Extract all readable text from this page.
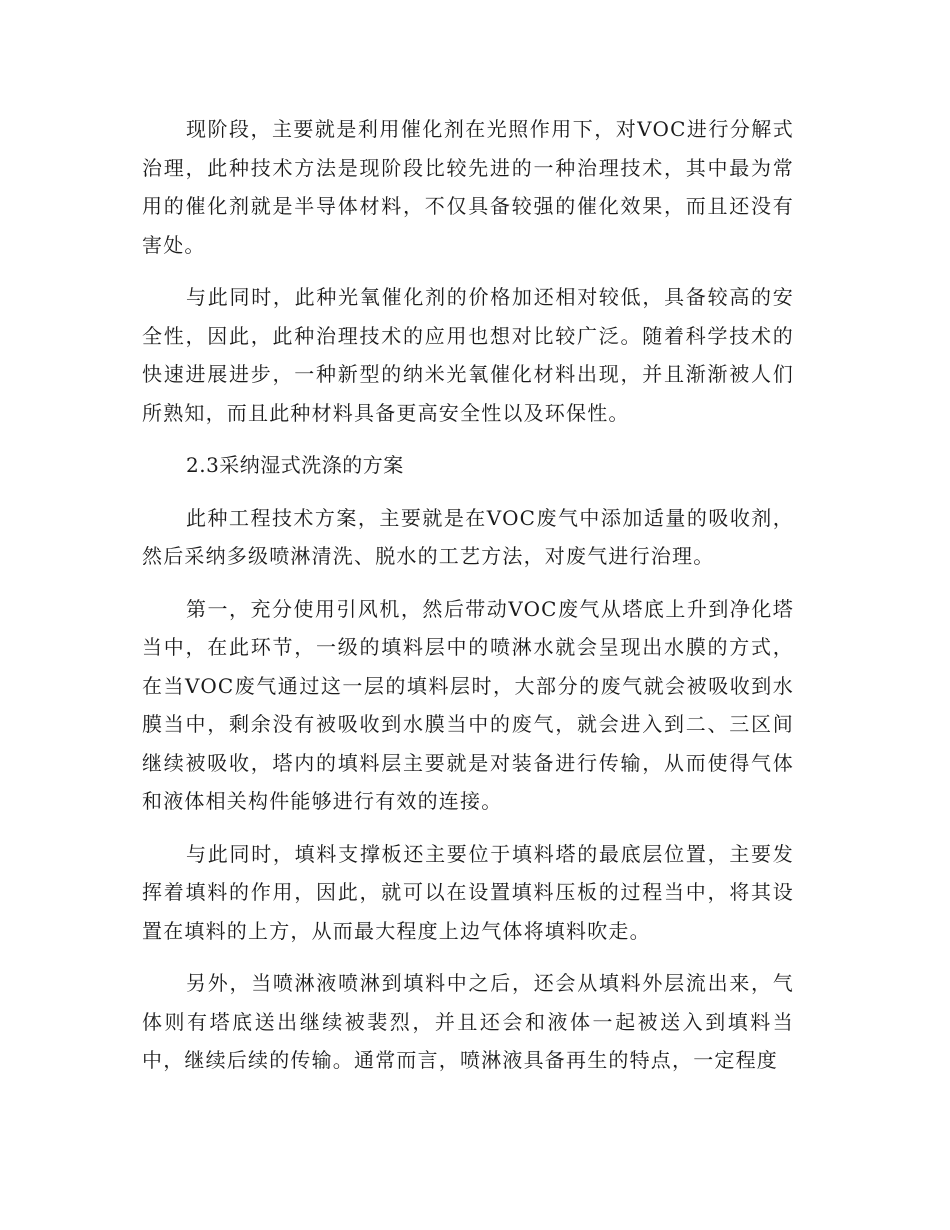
现阶段，主要就是利用催化剂在光照作用下，对VOC进行分解式治理，此种技术方法是现阶段比较先进的一种治理技术，其中最为常用的催化剂就是半导体材料，不仅具备较强的催化效果，而且还没有害处。

与此同时，此种光氧催化剂的价格加还相对较低，具备较高的安全性，因此，此种治理技术的应用也想对比较广泛。随着科学技术的快速进展进步，一种新型的纳米光氧催化材料出现，并且渐渐被人们所熟知，而且此种材料具备更高安全性以及环保性。

2.3采纳湿式洗涤的方案

此种工程技术方案，主要就是在VOC废气中添加适量的吸收剂，然后采纳多级喷淋清洗、脱水的工艺方法，对废气进行治理。

第一，充分使用引风机，然后带动VOC废气从塔底上升到净化塔当中，在此环节，一级的填料层中的喷淋水就会呈现出水膜的方式，在当VOC废气通过这一层的填料层时，大部分的废气就会被吸收到水膜当中，剩余没有被吸收到水膜当中的废气，就会进入到二、三区间继续被吸收，塔内的填料层主要就是对装备进行传输，从而使得气体和液体相关构件能够进行有效的连接。

与此同时，填料支撑板还主要位于填料塔的最底层位置，主要发挥着填料的作用，因此，就可以在设置填料压板的过程当中，将其设置在填料的上方，从而最大程度上边气体将填料吹走。

另外，当喷淋液喷淋到填料中之后，还会从填料外层流出来，气体则有塔底送出继续被裴烈，并且还会和液体一起被送入到填料当中，继续后续的传输。通常而言，喷淋液具备再生的特点，一定程度
